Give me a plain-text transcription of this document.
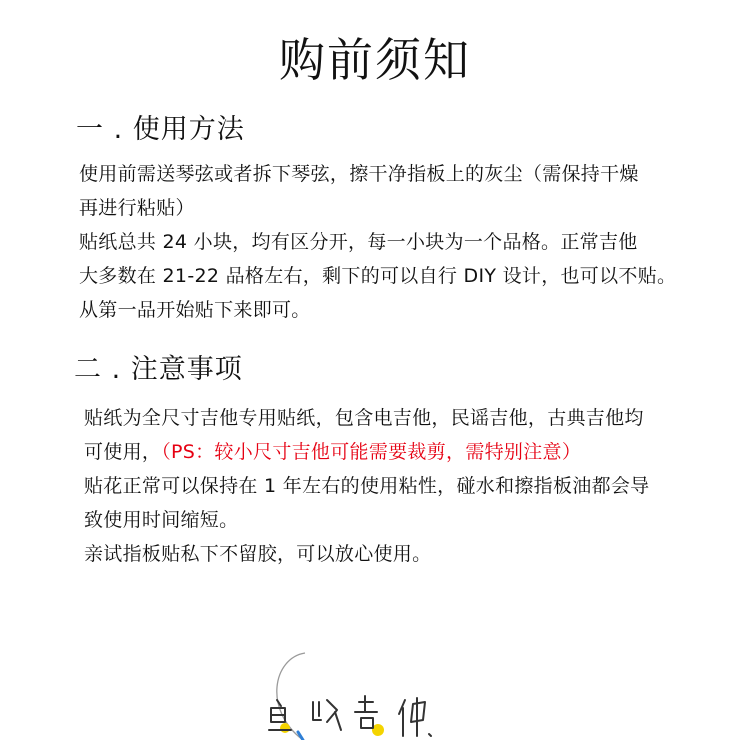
购前须知
一 . 使用方法
使用前需送琴弦或者拆下琴弦，擦干净指板上的灰尘（需保持干燥
再进行粘贴）
贴纸总共 24 小块，均有区分开，每一小块为一个品格。正常吉他
大多数在 21-22 品格左右，剩下的可以自行 DIY 设计，也可以不贴。
从第一品开始贴下来即可。
二 . 注意事项
贴纸为全尺寸吉他专用贴纸，包含电吉他，民谣吉他，古典吉他均
可使用，（PS：较小尺寸吉他可能需要裁剪，需特别注意）
贴花正常可以保持在 1 年左右的使用粘性，碰水和擦指板油都会导
致使用时间缩短。
亲试指板贴私下不留胶，可以放心使用。
